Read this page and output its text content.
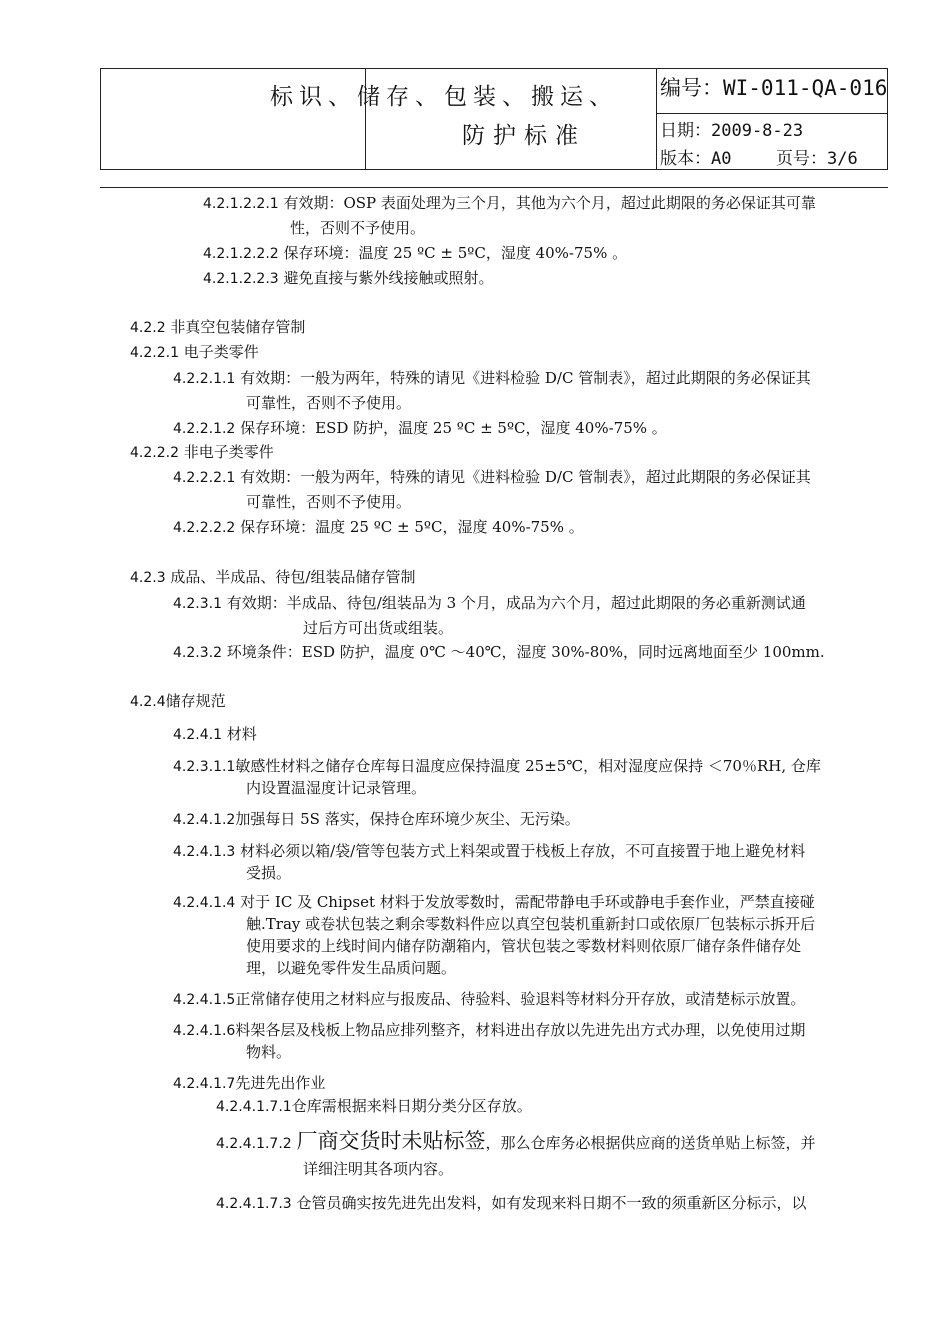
标识、储存、包装、搬运、
防护标准
编号：WI-011-QA-016
日期：2009-8-23
版本：A0	页号：3/6
4.2.1.2.2.1 有效期：OSP 表面处理为三个月，其他为六个月，超过此期限的务必保证其可靠
性，否则不予使用。
4.2.1.2.2.2 保存环境：温度 25 ºC ± 5ºC，湿度 40%-75% 。
4.2.1.2.2.3 避免直接与紫外线接触或照射。
4.2.2 非真空包装储存管制
4.2.2.1 电子类零件
4.2.2.1.1 有效期：一般为两年，特殊的请见《进料检验 D/C 管制表》，超过此期限的务必保证其
可靠性，否则不予使用。
4.2.2.1.2 保存环境：ESD 防护，温度 25 ºC ± 5ºC，湿度 40%-75% 。
4.2.2.2 非电子类零件
4.2.2.2.1 有效期：一般为两年，特殊的请见《进料检验 D/C 管制表》，超过此期限的务必保证其
可靠性，否则不予使用。
4.2.2.2.2 保存环境：温度 25 ºC ± 5ºC，湿度 40%-75% 。
4.2.3 成品、半成品、待包/组装品储存管制
4.2.3.1 有效期：半成品、待包/组装品为 3 个月，成品为六个月，超过此期限的务必重新测试通
过后方可出货或组装。
4.2.3.2 环境条件：ESD 防护，温度 0℃ ～40℃，湿度 30%-80%，同时远离地面至少 100mm.
4.2.4储存规范
4.2.4.1 材料
4.2.3.1.1敏感性材料之储存仓库每日温度应保持温度 25±5℃，相对湿度应保持 ＜70％RH, 仓库
内设置温湿度计记录管理。
4.2.4.1.2加强每日 5S 落实，保持仓库环境少灰尘、无污染。
4.2.4.1.3 材料必须以箱/袋/管等包装方式上料架或置于栈板上存放，不可直接置于地上避免材料
受损。
4.2.4.1.4 对于 IC 及 Chipset 材料于发放零数时，需配带静电手环或静电手套作业，严禁直接碰
触.Tray 或卷状包装之剩余零数料件应以真空包装机重新封口或依原厂包装标示拆开后
使用要求的上线时间内储存防潮箱内，管状包装之零数材料则依原厂储存条件储存处
理，以避免零件发生品质问题。
4.2.4.1.5正常储存使用之材料应与报废品、待验料、验退料等材料分开存放，或清楚标示放置。
4.2.4.1.6料架各层及栈板上物品应排列整齐，材料进出存放以先进先出方式办理，以免使用过期
物料。
4.2.4.1.7先进先出作业
4.2.4.1.7.1仓库需根据来料日期分类分区存放。
4.2.4.1.7.2 厂商交货时未贴标签，那么仓库务必根据供应商的送货单贴上标签，并
详细注明其各项内容。
4.2.4.1.7.3 仓管员确实按先进先出发料，如有发现来料日期不一致的须重新区分标示，以
